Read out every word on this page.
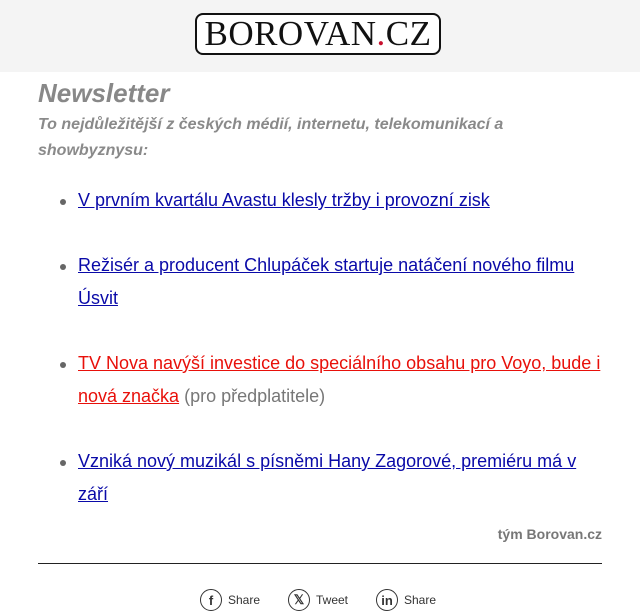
BOROVAN . CZ
Newsletter
To nejdůležitější z českých médií, internetu, telekomunikací a showbyznysu:
V prvním kvartálu Avastu klesly tržby i provozní zisk
Režisér a producent Chlupáček startuje natáčení nového filmu Úsvit
TV Nova navýší investice do speciálního obsahu pro Voyo, bude i nová značka (pro předplatitele)
Vzniká nový muzikál s písněmi Hany Zagorové, premiéru má v září
tým Borovan.cz
f	Share	𝕏 Tweet	in Share
